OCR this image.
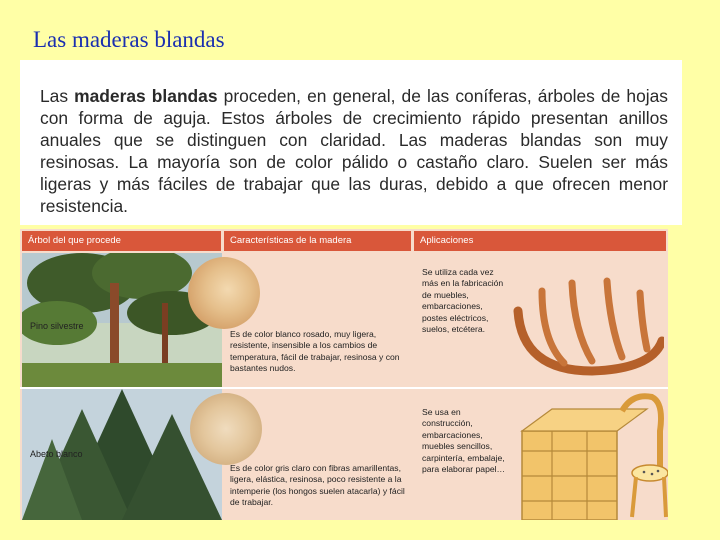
Las maderas blandas

Las maderas blandas proceden, en general, de las coníferas, árboles de hojas con forma de aguja. Estos árboles de crecimiento rápido presentan anillos anuales que se distinguen con claridad. Las maderas blandas son muy resinosas. La mayoría son de color pálido o castaño claro. Suelen ser más ligeras y más fáciles de trabajar que las duras, debido a que ofrecen menor resistencia.

Árbol del que procede	Características de la madera	Aplicaciones
Pino silvestre
Es de color blanco rosado, muy ligera, resistente, insensible a los cambios de temperatura, fácil de trabajar, resinosa y con bastantes nudos.
Se utiliza cada vez más en la fabricación de muebles, embarcaciones, postes eléctricos, suelos, etcétera.
Abeto blanco
Es de color gris claro con fibras amarillentas, ligera, elástica, resinosa, poco resistente a la intemperie (los hongos suelen atacarla) y fácil de trabajar.
Se usa en construcción, embarcaciones, muebles sencillos, carpintería, embalaje, para elaborar papel…
